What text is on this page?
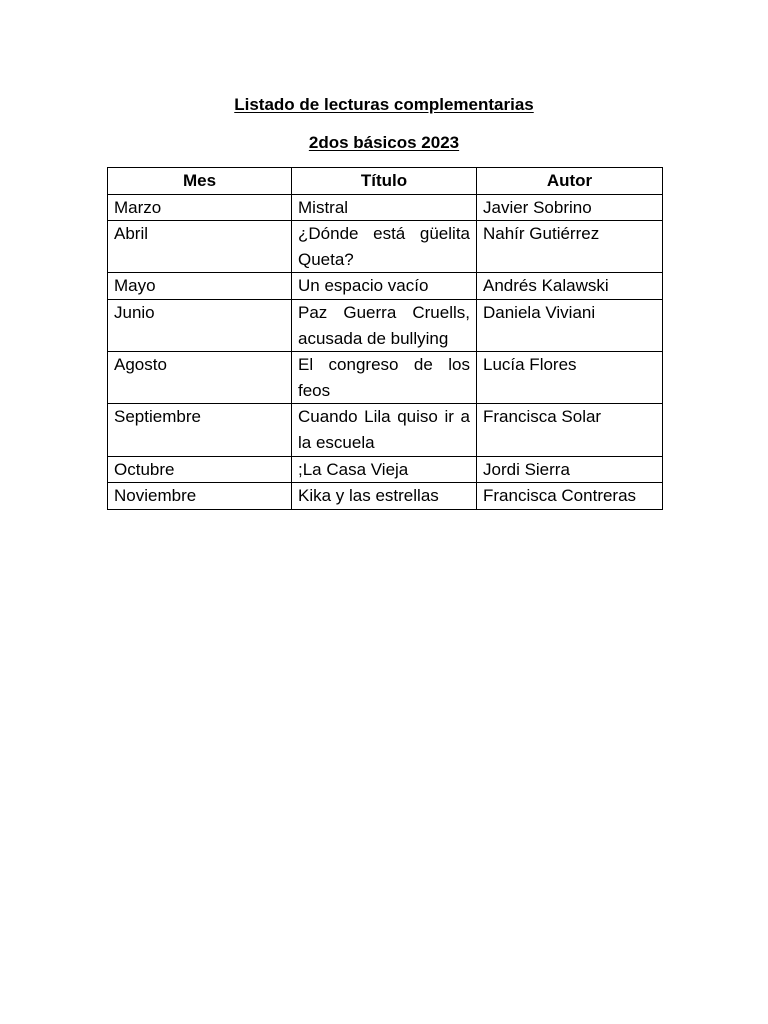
Listado de lecturas complementarias
2dos básicos 2023
Mes	Título	Autor
Marzo	Mistral	Javier Sobrino
Abril	¿Dónde está güelita Queta?	Nahír Gutiérrez
Mayo	Un espacio vacío	Andrés Kalawski
Junio	Paz Guerra Cruells, acusada de bullying	Daniela Viviani
Agosto	El congreso de los feos	Lucía Flores
Septiembre	Cuando Lila quiso ir a la escuela	Francisca Solar
Octubre	;La Casa Vieja	Jordi Sierra
Noviembre	Kika y las estrellas	Francisca Contreras
